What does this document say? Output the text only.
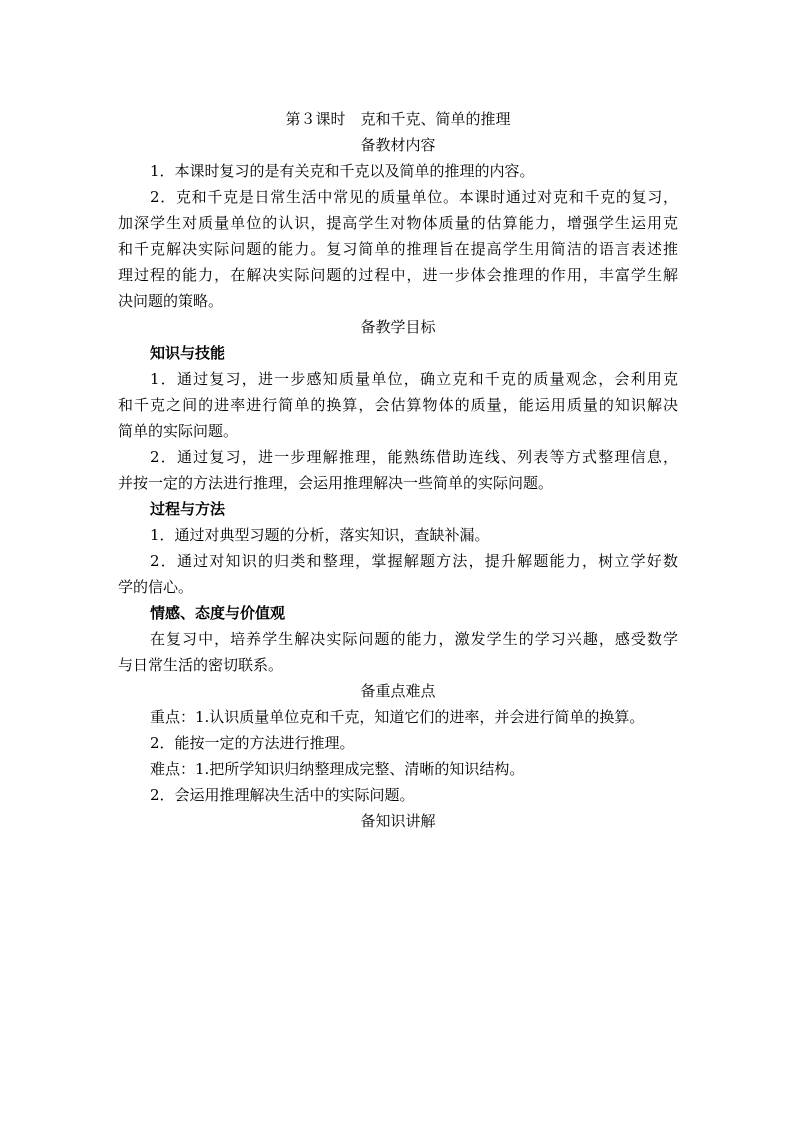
第３课时　克和千克、简单的推理
备教材内容
1．本课时复习的是有关克和千克以及简单的推理的内容。
2．克和千克是日常生活中常见的质量单位。本课时通过对克和千克的复习，
加深学生对质量单位的认识，提高学生对物体质量的估算能力，增强学生运用克
和千克解决实际问题的能力。复习简单的推理旨在提高学生用简洁的语言表述推
理过程的能力，在解决实际问题的过程中，进一步体会推理的作用，丰富学生解
决问题的策略。
备教学目标
知识与技能
1．通过复习，进一步感知质量单位，确立克和千克的质量观念，会利用克
和千克之间的进率进行简单的换算，会估算物体的质量，能运用质量的知识解决
简单的实际问题。
2．通过复习，进一步理解推理，能熟练借助连线、列表等方式整理信息，
并按一定的方法进行推理，会运用推理解决一些简单的实际问题。
过程与方法
1．通过对典型习题的分析，落实知识，查缺补漏。
2．通过对知识的归类和整理，掌握解题方法，提升解题能力，树立学好数
学的信心。
情感、态度与价值观
在复习中，培养学生解决实际问题的能力，激发学生的学习兴趣，感受数学
与日常生活的密切联系。
备重点难点
重点：1.认识质量单位克和千克，知道它们的进率，并会进行简单的换算。
2．能按一定的方法进行推理。
难点：1.把所学知识归纳整理成完整、清晰的知识结构。
2．会运用推理解决生活中的实际问题。
备知识讲解
